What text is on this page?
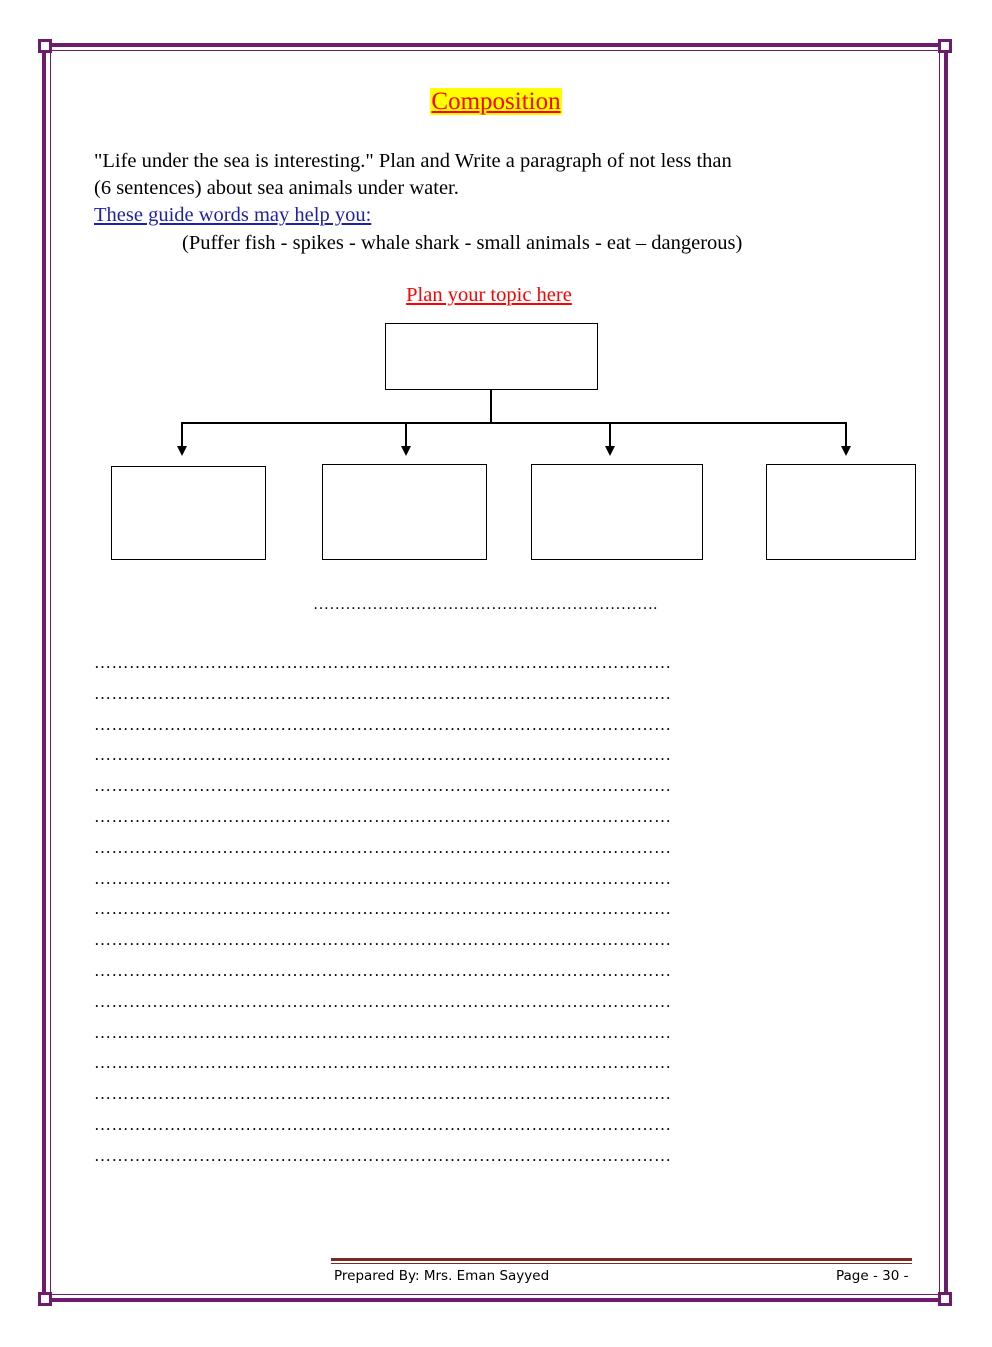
Composition
"Life under the sea is interesting." Plan and Write a paragraph of not less than
(6 sentences) about sea animals under water.
These guide words may help you:
(Puffer fish - spikes - whale shark - small animals - eat – dangerous)
Plan your topic here
……………………………………………………….
………………………………………………………………………………………
………………………………………………………………………………………
………………………………………………………………………………………
………………………………………………………………………………………
………………………………………………………………………………………
………………………………………………………………………………………
………………………………………………………………………………………
………………………………………………………………………………………
………………………………………………………………………………………
………………………………………………………………………………………
………………………………………………………………………………………
………………………………………………………………………………………
………………………………………………………………………………………
………………………………………………………………………………………
………………………………………………………………………………………
………………………………………………………………………………………
………………………………………………………………………………………
Prepared By: Mrs. Eman Sayyed	Page - 30 -
